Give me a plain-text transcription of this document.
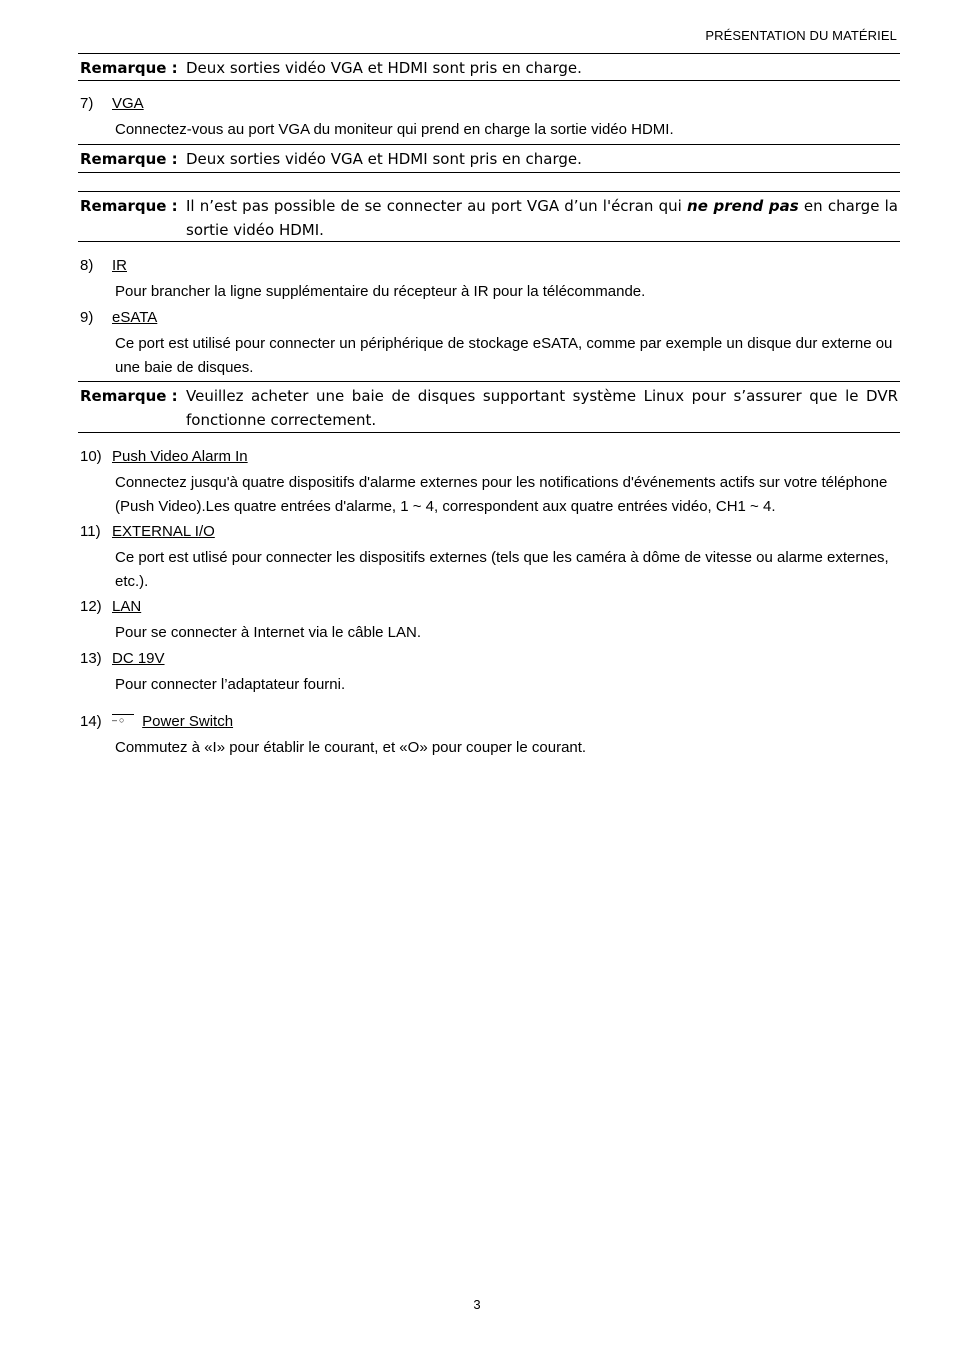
PRÉSENTATION DU MATÉRIEL
Remarque : Deux sorties vidéo VGA et HDMI sont pris en charge.
7) VGA
Connectez-vous au port VGA du moniteur qui prend en charge la sortie vidéo HDMI.
Remarque : Deux sorties vidéo VGA et HDMI sont pris en charge.
Remarque : Il n’est pas possible de se connecter au port VGA d’un l'écran qui ne prend pas en charge la sortie vidéo HDMI.
8) IR
Pour brancher la ligne supplémentaire du récepteur à IR pour la télécommande.
9) eSATA
Ce port est utilisé pour connecter un périphérique de stockage eSATA, comme par exemple un disque dur externe ou une baie de disques.
Remarque : Veuillez acheter une baie de disques supportant système Linux pour s’assurer que le DVR fonctionne correctement.
10) Push Video Alarm In
Connectez jusqu'à quatre dispositifs d'alarme externes pour les notifications d'événements actifs sur votre téléphone (Push Video).Les quatre entrées d'alarme, 1 ~ 4, correspondent aux quatre entrées vidéo, CH1 ~ 4.
11) EXTERNAL I/O
Ce port est utlisé pour connecter les dispositifs externes (tels que les caméra à dôme de vitesse ou alarme externes, etc.).
12) LAN
Pour se connecter à Internet via le câble LAN.
13) DC 19V
Pour connecter l’adaptateur fourni.
14) –○ Power Switch
Commutez à «I» pour établir le courant, et «O» pour couper le courant.
3
